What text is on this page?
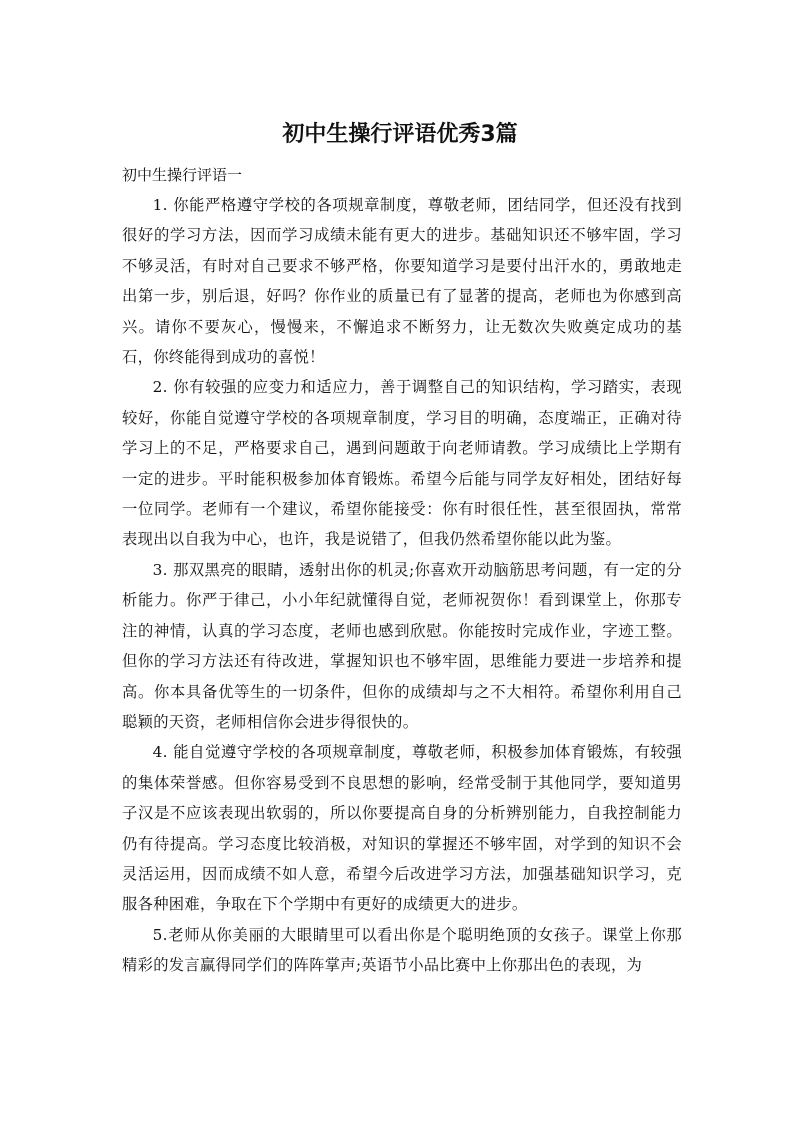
初中生操行评语优秀3篇

初中生操行评语一

1. 你能严格遵守学校的各项规章制度，尊敬老师，团结同学，但还没有找到很好的学习方法，因而学习成绩未能有更大的进步。基础知识还不够牢固，学习不够灵活，有时对自己要求不够严格，你要知道学习是要付出汗水的，勇敢地走出第一步，别后退，好吗？你作业的质量已有了显著的提高，老师也为你感到高兴。请你不要灰心，慢慢来，不懈追求不断努力，让无数次失败奠定成功的基石，你终能得到成功的喜悦！

2. 你有较强的应变力和适应力，善于调整自己的知识结构，学习踏实，表现较好，你能自觉遵守学校的各项规章制度，学习目的明确，态度端正，正确对待学习上的不足，严格要求自己，遇到问题敢于向老师请教。学习成绩比上学期有一定的进步。平时能积极参加体育锻炼。希望今后能与同学友好相处，团结好每一位同学。老师有一个建议，希望你能接受：你有时很任性，甚至很固执，常常表现出以自我为中心，也许，我是说错了，但我仍然希望你能以此为鉴。

3. 那双黑亮的眼睛，透射出你的机灵;你喜欢开动脑筋思考问题，有一定的分析能力。你严于律己，小小年纪就懂得自觉，老师祝贺你！看到课堂上，你那专注的神情，认真的学习态度，老师也感到欣慰。你能按时完成作业，字迹工整。但你的学习方法还有待改进，掌握知识也不够牢固，思维能力要进一步培养和提高。你本具备优等生的一切条件，但你的成绩却与之不大相符。希望你利用自己聪颖的天资，老师相信你会进步得很快的。

4. 能自觉遵守学校的各项规章制度，尊敬老师，积极参加体育锻炼，有较强的集体荣誉感。但你容易受到不良思想的影响，经常受制于其他同学，要知道男子汉是不应该表现出软弱的，所以你要提高自身的分析辨别能力，自我控制能力仍有待提高。学习态度比较消极，对知识的掌握还不够牢固，对学到的知识不会灵活运用，因而成绩不如人意，希望今后改进学习方法，加强基础知识学习，克服各种困难，争取在下个学期中有更好的成绩更大的进步。

5.老师从你美丽的大眼睛里可以看出你是个聪明绝顶的女孩子。课堂上你那精彩的发言赢得同学们的阵阵掌声;英语节小品比赛中上你那出色的表现，为
